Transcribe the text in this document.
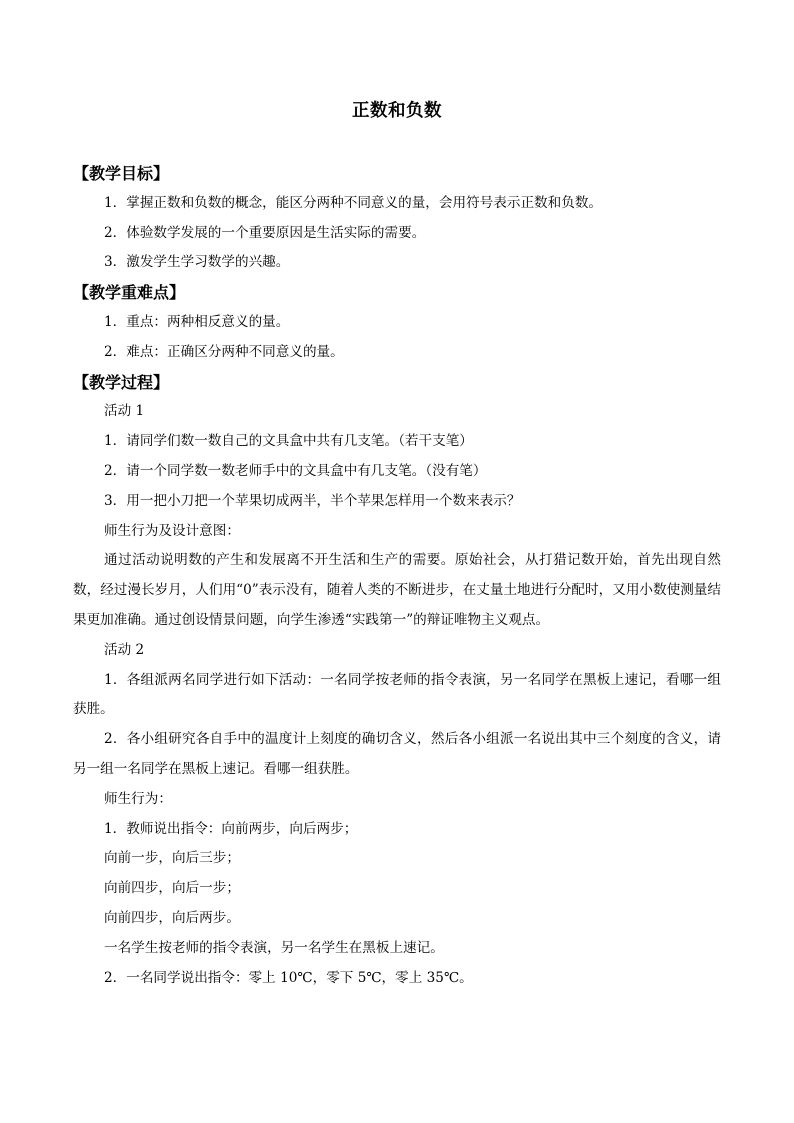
正数和负数
【教学目标】
1．掌握正数和负数的概念，能区分两种不同意义的量，会用符号表示正数和负数。
2．体验数学发展的一个重要原因是生活实际的需要。
3．激发学生学习数学的兴趣。
【教学重难点】
1．重点：两种相反意义的量。
2．难点：正确区分两种不同意义的量。
【教学过程】
活动 1
1．请同学们数一数自己的文具盒中共有几支笔。（若干支笔）
2．请一个同学数一数老师手中的文具盒中有几支笔。（没有笔）
3．用一把小刀把一个苹果切成两半，半个苹果怎样用一个数来表示？
师生行为及设计意图：

通过活动说明数的产生和发展离不开生活和生产的需要。原始社会，从打猎记数开始，首先出现自然数，经过漫长岁月，人们用“0”表示没有，随着人类的不断进步，在丈量土地进行分配时，又用小数使测量结果更加准确。通过创设情景问题，向学生渗透“实践第一”的辩证唯物主义观点。

活动 2

1．各组派两名同学进行如下活动：一名同学按老师的指令表演，另一名同学在黑板上速记，看哪一组获胜。

2．各小组研究各自手中的温度计上刻度的确切含义，然后各小组派一名说出其中三个刻度的含义，请另一组一名同学在黑板上速记。看哪一组获胜。

师生行为：
1．教师说出指令：向前两步，向后两步；
向前一步，向后三步；
向前四步，向后一步；
向前四步，向后两步。
一名学生按老师的指令表演，另一名学生在黑板上速记。
2．一名同学说出指令：零上 10℃，零下 5℃，零上 35℃。
